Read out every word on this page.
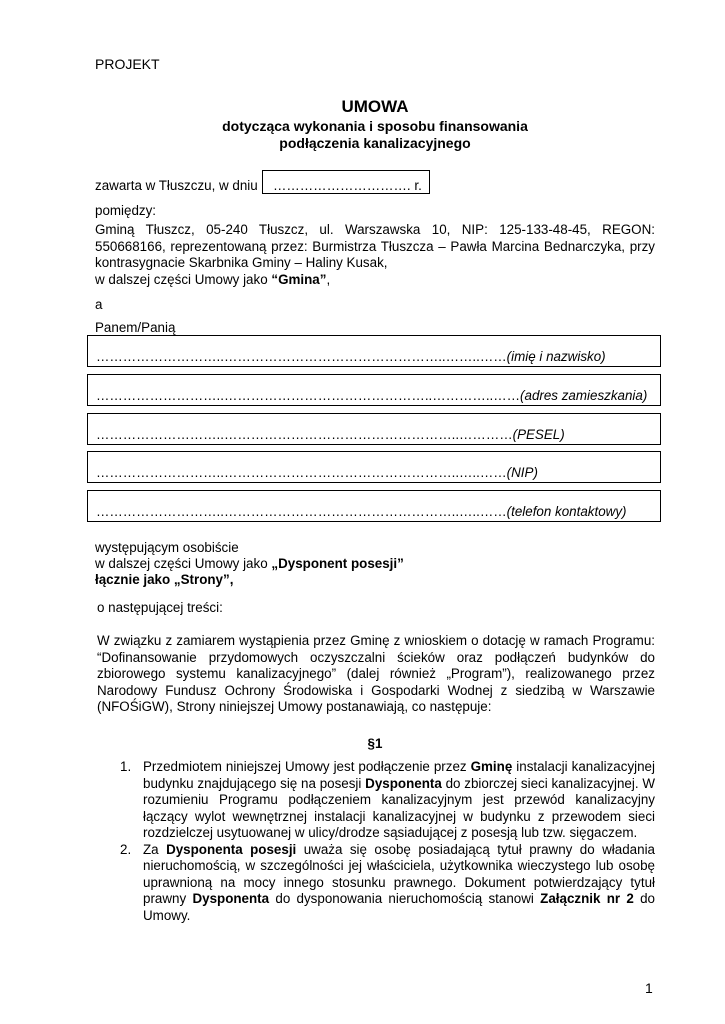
PROJEKT
UMOWA
dotycząca wykonania i sposobu finansowania
podłączenia kanalizacyjnego
zawarta w Tłuszczu, w dniu	…………………………. r.
pomiędzy:
Gminą Tłuszcz, 05-240 Tłuszcz, ul. Warszawska 10, NIP: 125-133-48-45, REGON:
550668166, reprezentowaną przez: Burmistrza Tłuszcza – Pawła Marcina Bednarczyka, przy
kontrasygnacie Skarbnika Gminy – Haliny Kusak,
w dalszej części Umowy jako “Gmina”,
a
Panem/Panią
………………………..…………………………………………..……..……(imię i nazwisko)
………………………..………………………………………..…………..……(adres zamieszkania)
………………………..……………………………………………..…………(PESEL)
………………………..……………………………………………..…..……(NIP)
………………………..……………………………………………..…..……(telefon kontaktowy)
występującym osobiście
w dalszej części Umowy jako „Dysponent posesji”
łącznie jako „Strony”,
o następującej treści:
W związku z zamiarem wystąpienia przez Gminę z wnioskiem o dotację w ramach Programu:
“Dofinansowanie przydomowych oczyszczalni ścieków oraz podłączeń budynków do
zbiorowego systemu kanalizacyjnego” (dalej również „Program”), realizowanego przez
Narodowy Fundusz Ochrony Środowiska i Gospodarki Wodnej z siedzibą w Warszawie
(NFOŚiGW), Strony niniejszej Umowy postanawiają, co następuje:
§1
1. Przedmiotem niniejszej Umowy jest podłączenie przez Gminę instalacji kanalizacyjnej
budynku znajdującego się na posesji Dysponenta do zbiorczej sieci kanalizacyjnej. W
rozumieniu Programu podłączeniem kanalizacyjnym jest przewód kanalizacyjny
łączący wylot wewnętrznej instalacji kanalizacyjnej w budynku z przewodem sieci
rozdzielczej usytuowanej w ulicy/drodze sąsiadującej z posesją lub tzw. sięgaczem.
2. Za Dysponenta posesji uważa się osobę posiadającą tytuł prawny do władania
nieruchomością, w szczególności jej właściciela, użytkownika wieczystego lub osobę
uprawnioną na mocy innego stosunku prawnego. Dokument potwierdzający tytuł
prawny Dysponenta do dysponowania nieruchomością stanowi Załącznik nr 2 do
Umowy.
1
